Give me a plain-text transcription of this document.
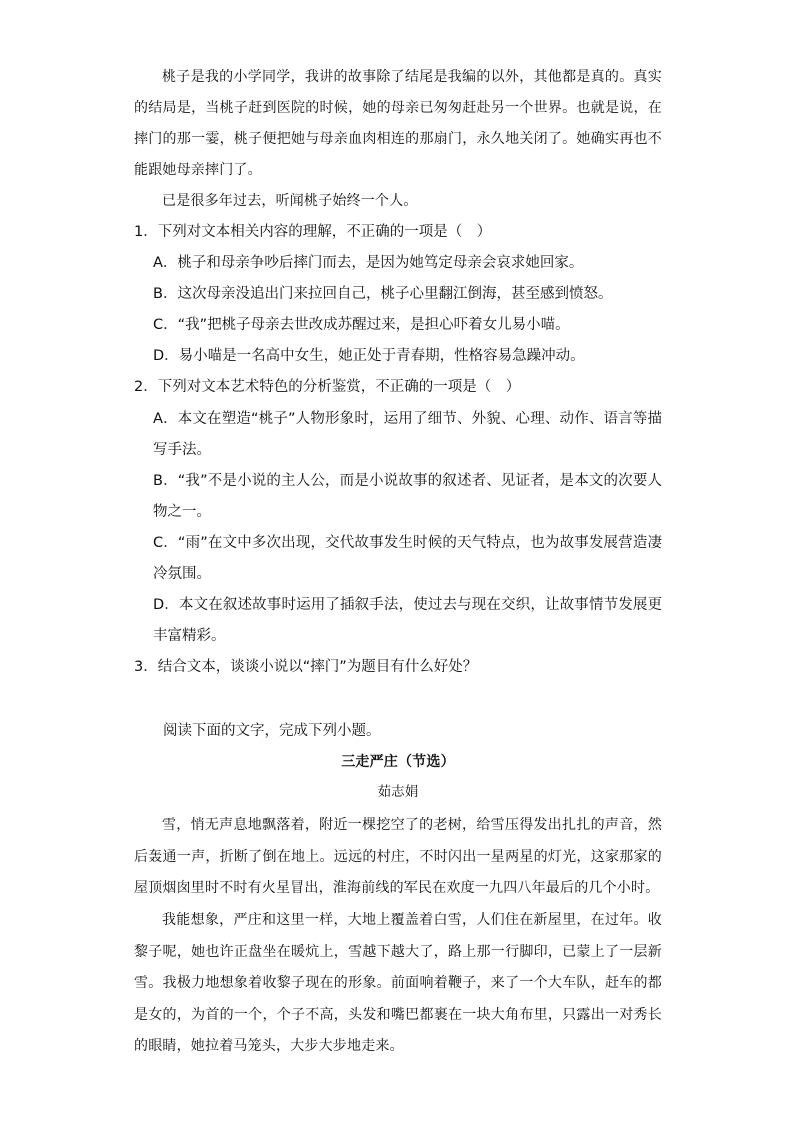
桃子是我的小学同学，我讲的故事除了结尾是我编的以外，其他都是真的。真实的结局是，当桃子赶到医院的时候，她的母亲已匆匆赶赴另一个世界。也就是说，在摔门的那一霎，桃子便把她与母亲血肉相连的那扇门，永久地关闭了。她确实再也不能跟她母亲摔门了。

已是很多年过去，听闻桃子始终一个人。

1．下列对文本相关内容的理解，不正确的一项是（　）

A．桃子和母亲争吵后摔门而去，是因为她笃定母亲会哀求她回家。

B．这次母亲没追出门来拉回自己，桃子心里翻江倒海，甚至感到愤怒。

C．“我”把桃子母亲去世改成苏醒过来，是担心吓着女儿易小喵。

D．易小喵是一名高中女生，她正处于青春期，性格容易急躁冲动。

2．下列对文本艺术特色的分析鉴赏，不正确的一项是（　）

A．本文在塑造“桃子”人物形象时，运用了细节、外貌、心理、动作、语言等描写手法。

B．“我”不是小说的主人公，而是小说故事的叙述者、见证者，是本文的次要人物之一。

C．“雨”在文中多次出现，交代故事发生时候的天气特点，也为故事发展营造凄冷氛围。

D．本文在叙述故事时运用了插叙手法，使过去与现在交织，让故事情节发展更丰富精彩。

3．结合文本，谈谈小说以“摔门”为题目有什么好处？

阅读下面的文字，完成下列小题。

三走严庄（节选）

茹志娟

雪，悄无声息地飘落着，附近一棵挖空了的老树，给雪压得发出扎扎的声音，然后轰通一声，折断了倒在地上。远远的村庄，不时闪出一星两星的灯光，这家那家的屋顶烟囱里时不时有火星冒出，淮海前线的军民在欢度一九四八年最后的几个小时。

我能想象，严庄和这里一样，大地上覆盖着白雪，人们住在新屋里，在过年。收黎子呢，她也许正盘坐在暖炕上，雪越下越大了，路上那一行脚印，已蒙上了一层新雪。我极力地想象着收黎子现在的形象。前面响着鞭子，来了一个大车队，赶车的都是女的，为首的一个，个子不高，头发和嘴巴都裹在一块大角布里，只露出一对秀长的眼睛，她拉着马笼头，大步大步地走来。
